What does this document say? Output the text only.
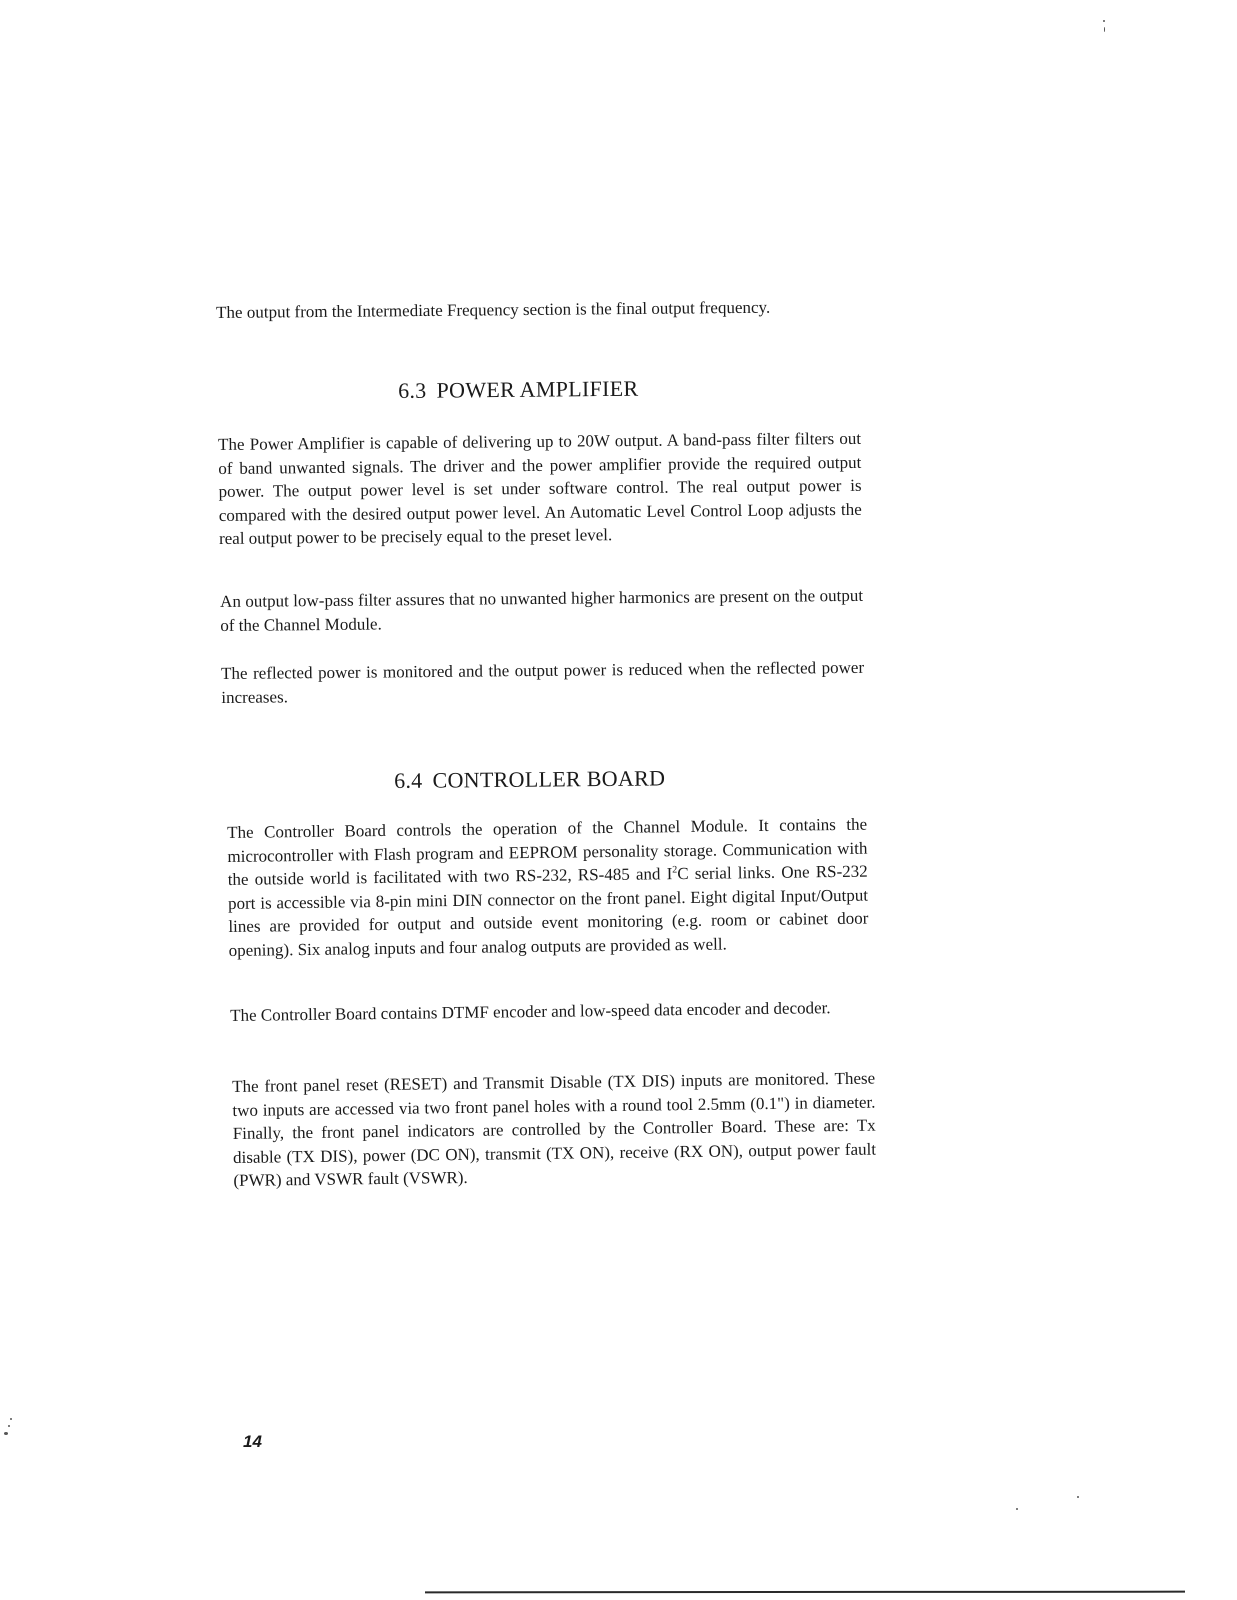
The output from the Intermediate Frequency section is the final output frequency.

6.3 POWER AMPLIFIER

The Power Amplifier is capable of delivering up to 20W output. A band-pass filter filters out of band unwanted signals. The driver and the power amplifier provide the required output power. The output power level is set under software control. The real output power is compared with the desired output power level. An Automatic Level Control Loop adjusts the real output power to be precisely equal to the preset level.

An output low-pass filter assures that no unwanted higher harmonics are present on the output of the Channel Module.

The reflected power is monitored and the output power is reduced when the reflected power increases.

6.4 CONTROLLER BOARD

The Controller Board controls the operation of the Channel Module. It contains the microcontroller with Flash program and EEPROM personality storage. Communication with the outside world is facilitated with two RS-232, RS-485 and $I^2C$ serial links. One RS-232 port is accessible via 8-pin mini DIN connector on the front panel. Eight digital Input/Output lines are provided for output and outside event monitoring (e.g. room or cabinet door opening). Six analog inputs and four analog outputs are provided as well.

The Controller Board contains DTMF encoder and low-speed data encoder and decoder.

The front panel reset (RESET) and Transmit Disable (TX DIS) inputs are monitored. These two inputs are accessed via two front panel holes with a round tool 2.5mm (0.1") in diameter. Finally, the front panel indicators are controlled by the Controller Board. These are: Tx disable (TX DIS), power (DC ON), transmit (TX ON), receive (RX ON), output power fault (PWR) and VSWR fault (VSWR).

14
